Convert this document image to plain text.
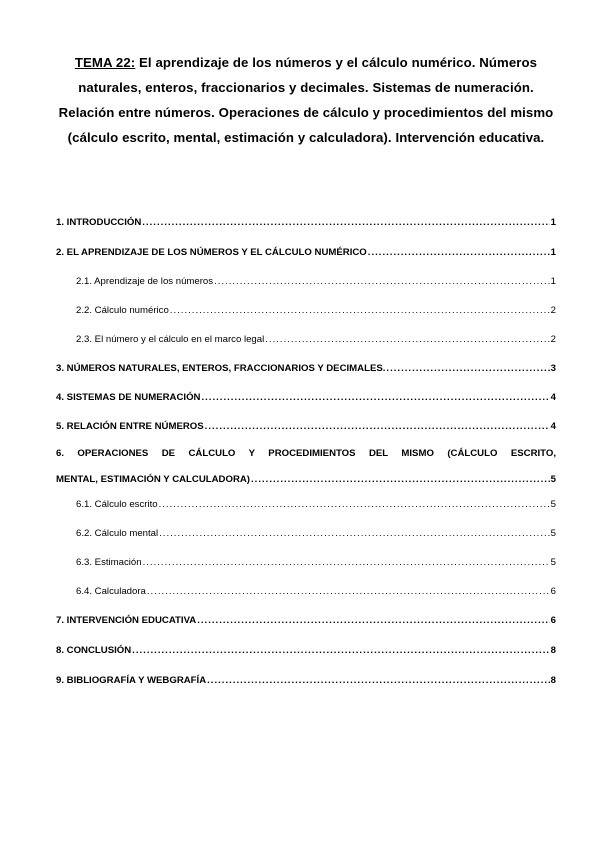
TEMA 22: El aprendizaje de los números y el cálculo numérico. Números naturales, enteros, fraccionarios y decimales. Sistemas de numeración. Relación entre números. Operaciones de cálculo y procedimientos del mismo (cálculo escrito, mental, estimación y calculadora). Intervención educativa.
1. INTRODUCCIÓN .....	1
2. EL APRENDIZAJE DE LOS NÚMEROS Y EL CÁLCULO NUMÉRICO .....	1
2.1. Aprendizaje de los números .....	1
2.2. Cálculo numérico .....	2
2.3. El número y el cálculo en el marco legal .....	2
3. NÚMEROS NATURALES, ENTEROS, FRACCIONARIOS Y DECIMALES. .....	3
4. SISTEMAS DE NUMERACIÓN .....	4
5. RELACIÓN ENTRE NÚMEROS .....	4
6. OPERACIONES DE CÁLCULO Y PROCEDIMIENTOS DEL MISMO (CÁLCULO ESCRITO,
MENTAL, ESTIMACIÓN Y CALCULADORA) .....	5
6.1. Cálculo escrito .....	5
6.2. Cálculo mental .....	5
6.3. Estimación .....	5
6.4. Calculadora .....	6
7. INTERVENCIÓN EDUCATIVA .....	6
8. CONCLUSIÓN .....	8
9. BIBLIOGRAFÍA Y WEBGRAFÍA .....	8
